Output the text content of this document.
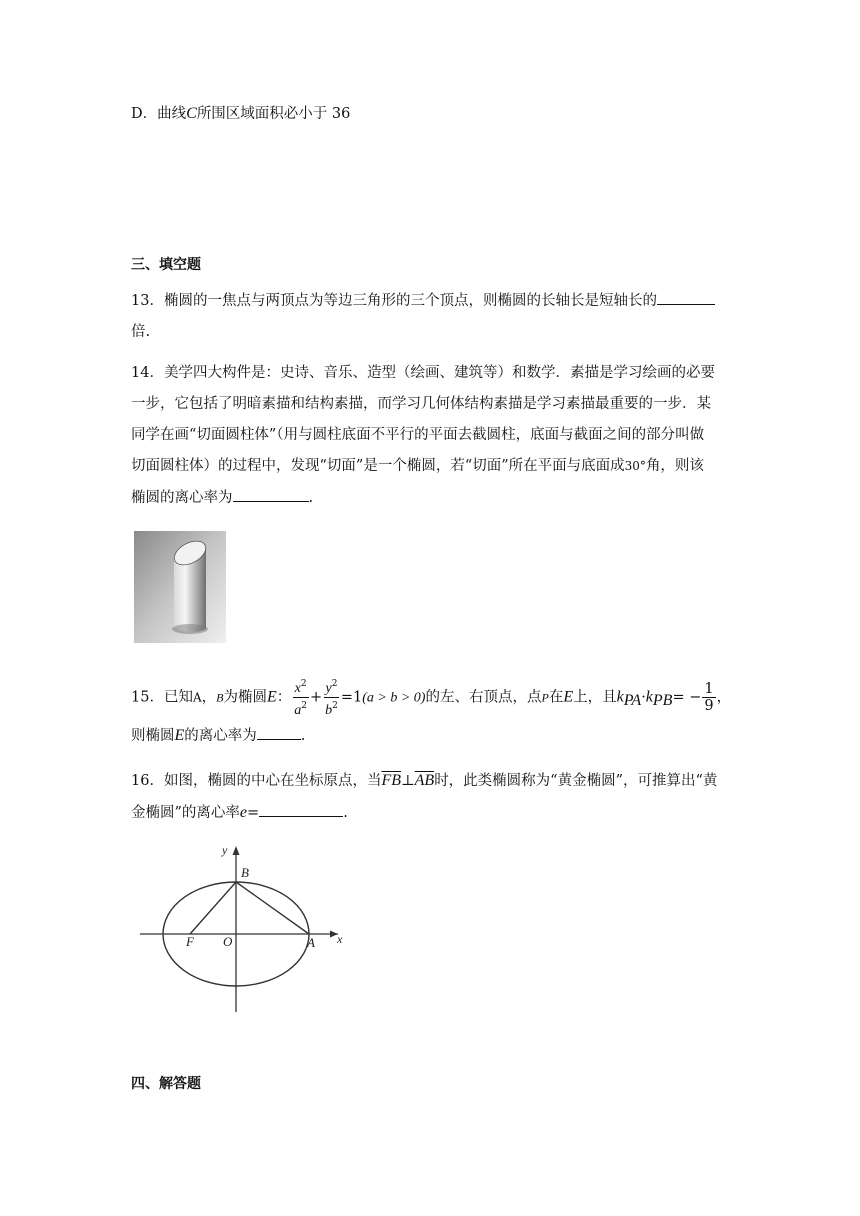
D．曲线C所围区域面积必小于 36
三、填空题
13．椭圆的一焦点与两顶点为等边三角形的三个顶点，则椭圆的长轴长是短轴长的
倍.
14．美学四大构件是：史诗、音乐、造型（绘画、建筑等）和数学．素描是学习绘画的必要
一步，它包括了明暗素描和结构素描，而学习几何体结构素描是学习素描最重要的一步．某
同学在画“切面圆柱体”（用与圆柱底面不平行的平面去截圆柱，底面与截面之间的部分叫做
切面圆柱体）的过程中，发现“切面”是一个椭圆，若“切面”所在平面与底面成30°角，则该
椭圆的离心率为	.
15．已知A，B为椭圆E： $\frac{x^2}{a^2} + \frac{y^2}{b^2} =1(a > b > 0)$的左、右顶点，点P在E上，且$k_{PA}\cdot k_{PB}= - \frac{1}{9}$ ，
则椭圆E的离心率为	.
16．如图，椭圆的中心在坐标原点，当$\overline{FB}\perp\overline{AB}$时，此类椭圆称为“黄金椭圆”，可推算出“黄
金椭圆”的离心率e=	.
y
x
B
O
F	A
四、解答题
